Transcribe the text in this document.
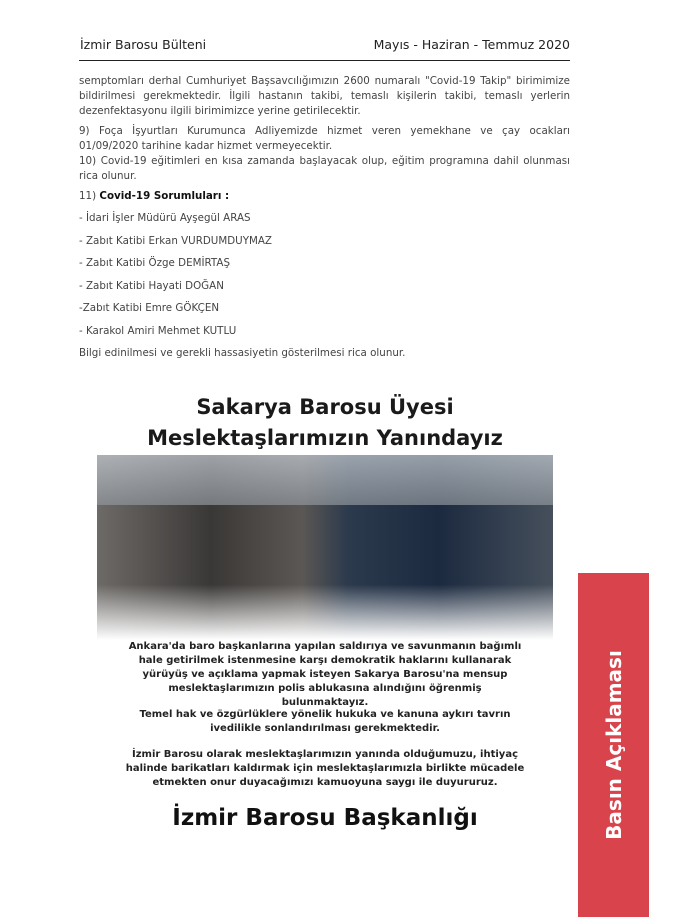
İzmir Barosu Bülteni	Mayıs - Haziran - Temmuz 2020

semptomları derhal Cumhuriyet Başsavcılığımızın 2600 numaralı "Covid-19 Takip" birimimize bildirilmesi gerekmektedir. İlgili hastanın takibi, temaslı kişilerin takibi, temaslı yerlerin dezenfektasyonu ilgili birimimizce yerine getirilecektir.

9) Foça İşyurtları Kurumunca Adliyemizde hizmet veren yemekhane ve çay ocakları 01/09/2020 tarihine kadar hizmet vermeyecektir.

10) Covid-19 eğitimleri en kısa zamanda başlayacak olup, eğitim programına dahil olunması rica olunur.

11) Covid-19 Sorumluları :

- İdari İşler Müdürü Ayşegül ARAS
- Zabıt Katibi Erkan VURDUMDUYMAZ
- Zabıt Katibi Özge DEMİRTAŞ
- Zabıt Katibi Hayati DOĞAN
-Zabıt Katibi Emre GÖKÇEN
- Karakol Amiri Mehmet KUTLU

Bilgi edinilmesi ve gerekli hassasiyetin gösterilmesi rica olunur.

Sakarya Barosu Üyesi
Meslektaşlarımızın Yanındayız
Ankara'da baro başkanlarına yapılan saldırıya ve savunmanın bağımlı hale getirilmek istenmesine karşı demokratik haklarını kullanarak yürüyüş ve açıklama yapmak isteyen Sakarya Barosu'na mensup meslektaşlarımızın polis ablukasına alındığını öğrenmiş bulunmaktayız.
Temel hak ve özgürlüklere yönelik hukuka ve kanuna aykırı tavrın ivedilikle sonlandırılması gerekmektedir.
İzmir Barosu olarak meslektaşlarımızın yanında olduğumuzu, ihtiyaç halinde barikatları kaldırmak için meslektaşlarımızla birlikte mücadele etmekten onur duyacağımızı kamuoyuna saygı ile duyururuz.
İzmir Barosu Başkanlığı	Basın Açıklaması
